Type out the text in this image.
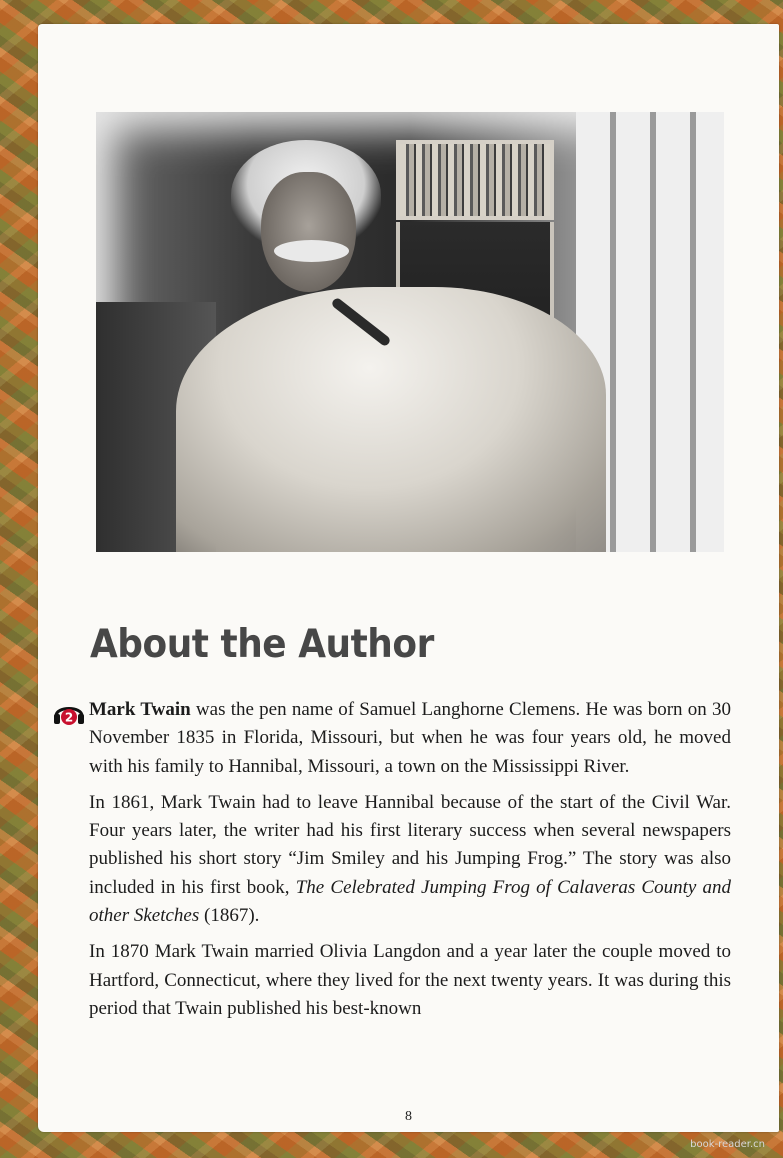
About the Author
2 Mark Twain was the pen name of Samuel Langhorne Clemens. He was born on 30 November 1835 in Florida, Missouri, but when he was four years old, he moved with his family to Hannibal, Missouri, a town on the Mississippi River.

In 1861, Mark Twain had to leave Hannibal because of the start of the Civil War. Four years later, the writer had his first literary success when several newspapers published his short story “Jim Smiley and his Jumping Frog.” The story was also included in his first book, The Celebrated Jumping Frog of Calaveras County and other Sketches (1867).

In 1870 Mark Twain married Olivia Langdon and a year later the couple moved to Hartford, Connecticut, where they lived for the next twenty years. It was during this period that Twain published his best-known

8
book-reader.cn
